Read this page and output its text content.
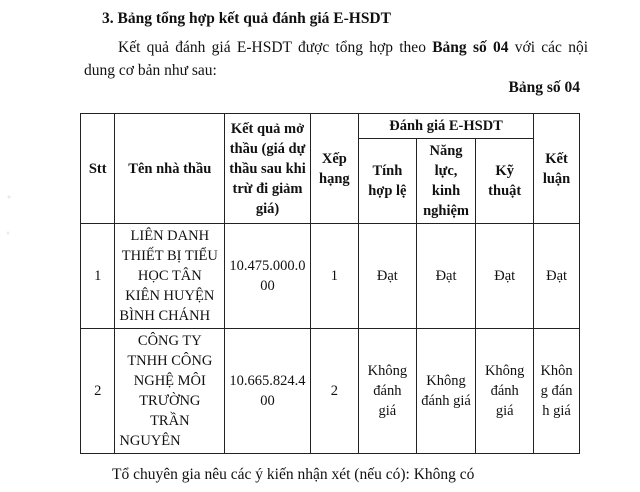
3. Bảng tổng hợp kết quả đánh giá E-HSDT
Kết quả đánh giá E-HSDT được tổng hợp theo Bảng số 04 với các nội dung cơ bản như sau:
Bảng số 04
Stt	Tên nhà thầu	Kết quả mở thầu (giá dự thầu sau khi trừ đi giảm giá)	Xếp hạng	Đánh giá E-HSDT			Kết luận
				Tính hợp lệ	Năng lực, kinh nghiệm	Kỹ thuật	
1	LIÊN DANH THIẾT BỊ TIỂU HỌC TÂN KIÊN HUYỆN BÌNH CHÁNH	10.475.000.000	1	Đạt	Đạt	Đạt	Đạt
2	CÔNG TY TNHH CÔNG NGHỆ MÔI TRƯỜNG TRẦN NGUYÊN	10.665.824.400	2	Không đánh giá	Không đánh giá	Không đánh giá	Không đánh giá
Tổ chuyên gia nêu các ý kiến nhận xét (nếu có): Không có
